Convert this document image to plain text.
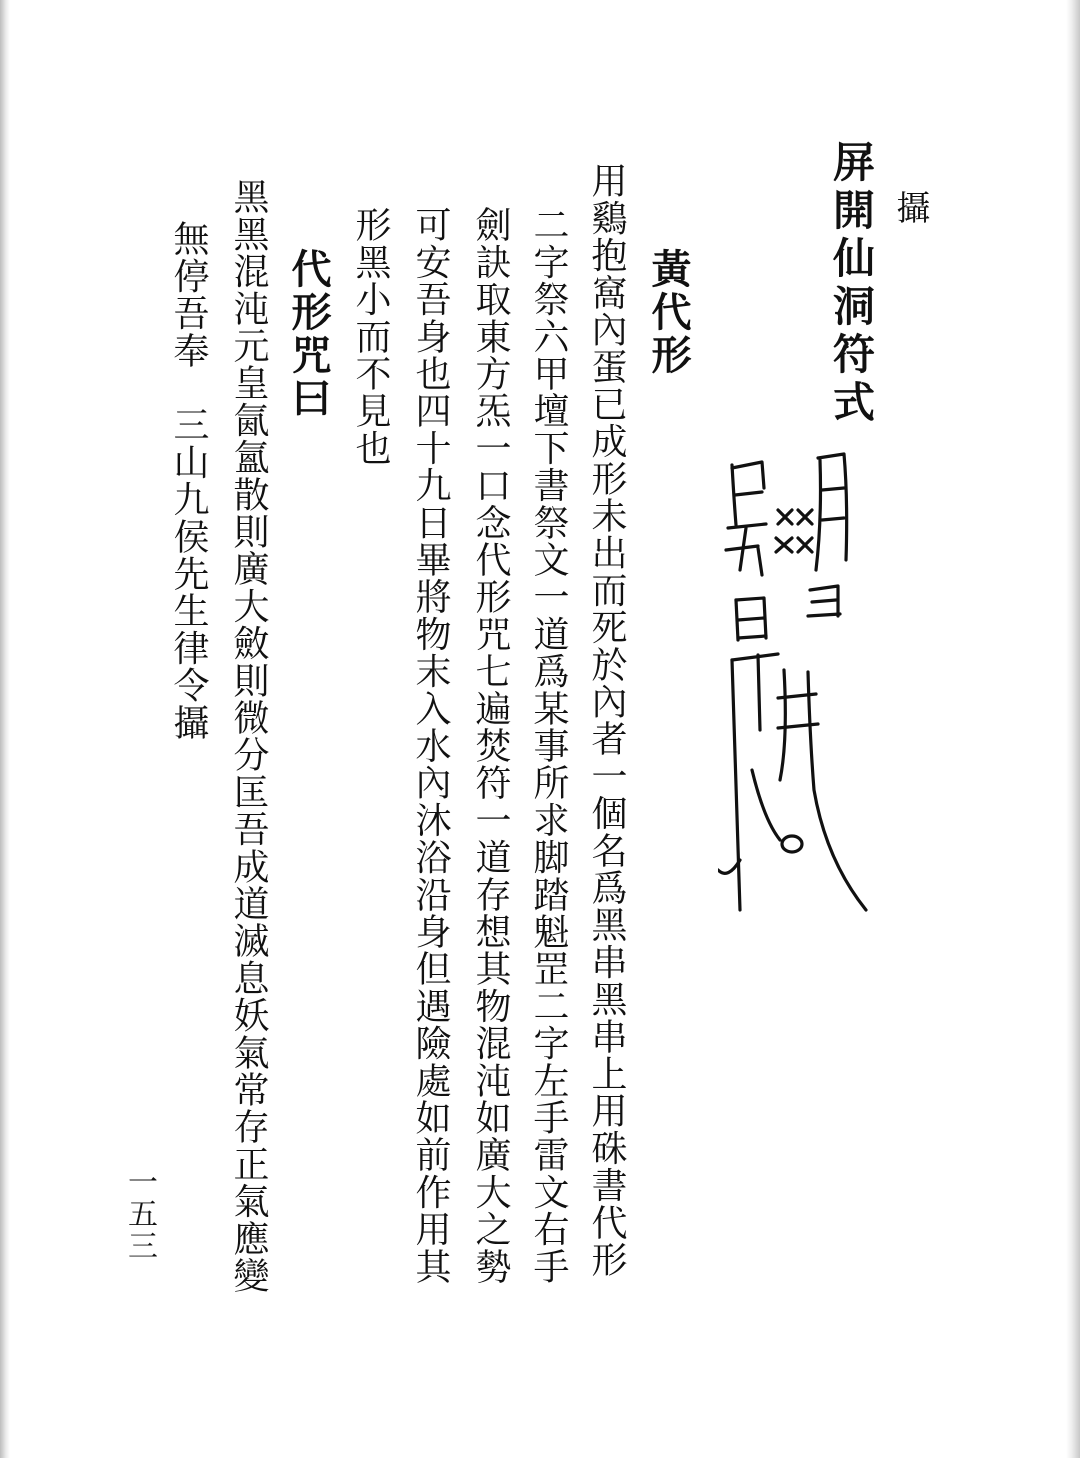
攝
屏開仙洞符式
黃代形
用鷄抱窩內蛋已成形未出而死於內者一個名爲黑串黑串上用硃書代形
二字祭六甲壇下書祭文一道爲某事所求脚踏魁罡二字左手雷文右手
劍訣取東方炁一口念代形咒七遍焚符一道存想其物混沌如廣大之勢
可安吾身也四十九日畢將物末入水內沐浴沿身但遇險處如前作用其
形黑小而不見也
代形咒曰
黑黑混沌元皇氤氳散則廣大斂則微分匡吾成道滅息妖氣常存正氣應變
無停吾奉　三山九侯先生律令攝
一五三
